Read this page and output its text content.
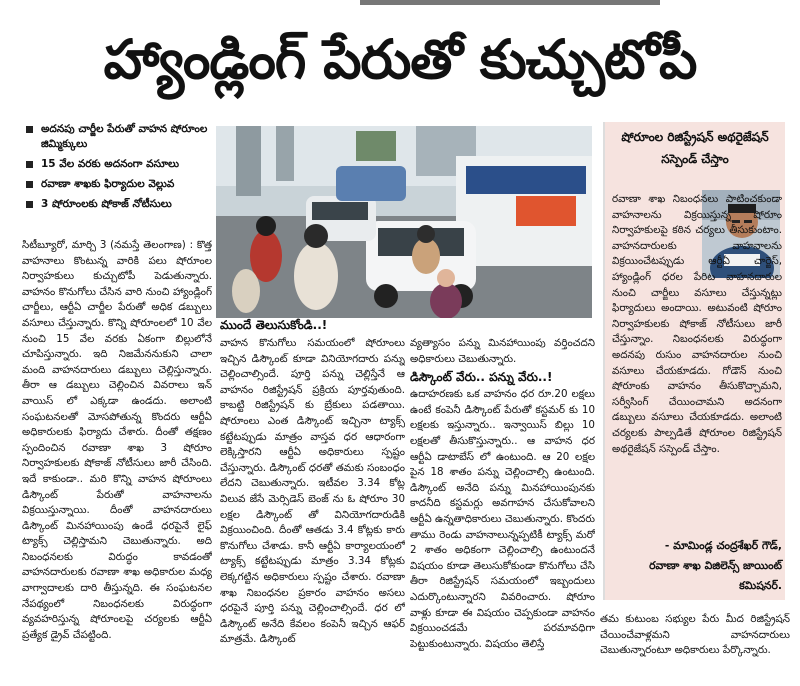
హ్యాండ్లింగ్ పేరుతో కుచ్చుటోపీ
అదనపు చార్జీల పేరుతో వాహన షోరూంల జిమ్మిక్కులు
15 వేల వరకు అదనంగా వసూలు
రవాణా శాఖకు ఫిర్యాదుల వెల్లువ
3 షోరూంలకు షోకాజ్ నోటీసులు

సిటీబ్యూరో, మార్చి 3 (నమస్తే తెలంగాణ) : కొత్త వాహనాలు కొంటున్న వారికి పలు షోరూంల నిర్వాహకులు కుచ్చుటోపీ పెడుతున్నారు. వాహనం కొనుగోలు చేసిన వారి నుంచి హ్యాండ్లింగ్ చార్జీలు, ఆర్టీఏ చార్జీల పేరుతో అధిక డబ్బులు వసూలు చేస్తున్నారు. కొన్ని షోరూంలలో 10 వేల నుంచి 15 వేల వరకు ఏకంగా బిల్లులోనే చూపిస్తున్నారు. ఇది నిజమేననుకుని చాలా మంది వాహనదారులు డబ్బులు చెల్లిస్తున్నారు. తీరా ఆ డబ్బులు చెల్లించిన వివరాలు ఇన్ వాయిస్ లో ఎక్కడా ఉండదు. అలాంటి సంఘటనలతో మోసపోతున్న కొందరు ఆర్టీఏ అధికారులకు ఫిర్యాదు చేశారు. దీంతో తక్షణం స్పందించిన రవాణా శాఖ 3 షోరూం నిర్వాహకులకు షోకాజ్ నోటీసులు జారీ చేసింది. ఇదే కాకుండా.. మరి కొన్ని వాహన షోరూంలు డిస్కౌంట్ పేరుతో వాహనాలను విక్రయిస్తున్నాయి. దీంతో వాహనదారులు డిస్కౌంట్ మినహాయింపు ఉండే ధరపైనే లైఫ్ ట్యాక్స్ చెల్లిస్తామని చెబుతున్నారు. అది నిబంధనలకు విరుద్ధం కావడంతో వాహనదారులకు రవాణా శాఖ అధికారుల మధ్య వాగ్వాదాలకు దారి తీస్తున్నది. ఈ సంఘటనల నేపథ్యంలో నిబంధనలకు విరుద్ధంగా వ్యవహరిస్తున్న షోరూంలపై చర్యలకు ఆర్టీఏ ప్రత్యేక డ్రైవ్ చేపట్టింది.

ముందే తెలుసుకోండి..!

వాహన కొనుగోలు సమయంలో షోరూంలు ఇచ్చిన డిస్కౌంట్ కూడా వినియోగదారు పన్ను చెల్లించాల్సిందే. పూర్తి పన్ను చెల్లిస్తేనే ఆ వాహనం రిజిస్ట్రేషన్ ప్రక్రియ పూర్తవుతుంది. కాబట్టి రిజిస్ట్రేషన్ కు బ్రేకులు పడతాయి. షోరూంలు ఎంత డిస్కౌంట్ ఇచ్చినా ట్యాక్స్ కట్టేటప్పుడు మాత్రం వాస్తవ ధర ఆధారంగా లెక్కిస్తారని ఆర్టీఏ అధికారులు స్పష్టం చేస్తున్నారు. డిస్కౌంట్ ధరతో తమకు సంబంధం లేదని చెబుతున్నారు. ఇటీవల 3.34 కోట్ల విలువ జేసే మెర్సిడెస్ బెంజ్ ను ఓ షోరూం 30 లక్షల డిస్కౌంట్ తో వినియోగదారుడికి విక్రయించింది. దీంతో ఆతడు 3.4 కోట్లకు కారు కొనుగోలు చేశాడు. కానీ ఆర్టీఏ కార్యాలయంలో ట్యాక్స్ కట్టేటప్పుడు మాత్రం 3.34 కోట్లకు లెక్కగట్టిన అధికారులు స్పష్టం చేశారు. రవాణా శాఖ నిబంధనల ప్రకారం వాహనం అసలు ధరపైనే పూర్తి పన్ను చెల్లించాల్సిందే. ధర లో డిస్కౌంట్ అనేది కేవలం కంపెనీ ఇచ్చిన ఆఫర్ మాత్రమే. డిస్కౌంట్

వ్యత్యాసం పన్ను మినహాయింపు వర్తించదని అధికారులు చెబుతున్నారు.

డిస్కౌంట్ వేరు.. పన్ను వేరు..!

ఉదాహరణకు ఒక వాహనం ధర రూ.20 లక్షలు ఉంటే కంపెనీ డిస్కౌంట్ పేరుతో కస్టమర్ కు 10 లక్షలకు ఇస్తున్నారు.. ఇన్వాయిస్ బిల్లు 10 లక్షలతో తీసుకొస్తున్నారు.. ఆ వాహన ధర ఆర్టీఏ డాటాబేస్ లో ఉంటుంది. ఆ 20 లక్షల పైన 18 శాతం పన్ను చెల్లించాల్సి ఉంటుంది. డిస్కౌంట్ అనేది పన్ను మినహాయింపునకు కాదనీది కస్టమర్లు అవగాహన చేసుకోవాలని ఆర్టీఏ ఉన్నతాధికారులు చెబుతున్నారు. కొందరు తాము రెండు వాహనాలున్నప్పటికీ ట్యాక్స్ మరో 2 శాతం అధికంగా చెల్లించాల్సి ఉంటుందనే విషయం కూడా తెలుసుకోకుండా కొనుగోలు చేసి తీరా రిజిస్ట్రేషన్ సమయంలో ఇబ్బందులు ఎదుర్కొంటున్నారని వివరించారు. షోరూం వాళ్లు కూడా ఈ విషయం చెప్పకుండా వాహనం విక్రయించడమే పరమావధిగా పెట్టుకుంటున్నారు. విషయం తెలిస్తే

షోరూంల రిజిస్ట్రేషన్ అథరైజేషన్ సస్పెండ్ చేస్తాం
రవాణా శాఖ నిబంధనలు పాటించకుండా వాహనాలను విక్రయిస్తున్న షోరూం నిర్వాహకులపై కఠిన చర్యలు తీసుకుంటాం. వాహనదారులకు వాహనాలను విక్రయించేటప్పుడు ఆర్టీఏ చార్జెస్, హ్యాండ్లింగ్ ధరల పేరిట వాహనదారుల నుంచి చార్జీలు వసూలు చేస్తున్నట్లు ఫిర్యాదులు అందాయి. అటువంటి షోరూం నిర్వాహకులకు షోకాజ్ నోటీసులు జారీ చేస్తున్నాం. నిబంధనలకు విరుద్ధంగా అదనపు రుసుం వాహనదారుల నుంచి వసూలు చేయకూడదు. గోడౌన్ నుంచి షోరూంకు వాహనం తీసుకొచ్చామని, సర్వీసింగ్ చేయించామని అదనంగా డబ్బులు వసూలు చేయకూడదు. అలాంటి చర్యలకు పాల్పడితే షోరూంల రిజిస్ట్రేషన్ అథరైజేషన్ సస్పెండ్ చేస్తాం.
- మామిండ్ల చంద్రశేఖర్ గౌడ్,
రవాణా శాఖ విజిలెన్స్ జాయింట్ కమిషనర్.
తమ కుటుంబ సభ్యుల పేరు మీద రిజిస్ట్రేషన్ చేయించేవాళ్లమని వాహనదారులు చెబుతున్నారంటూ అధికారులు పేర్కొన్నారు.
